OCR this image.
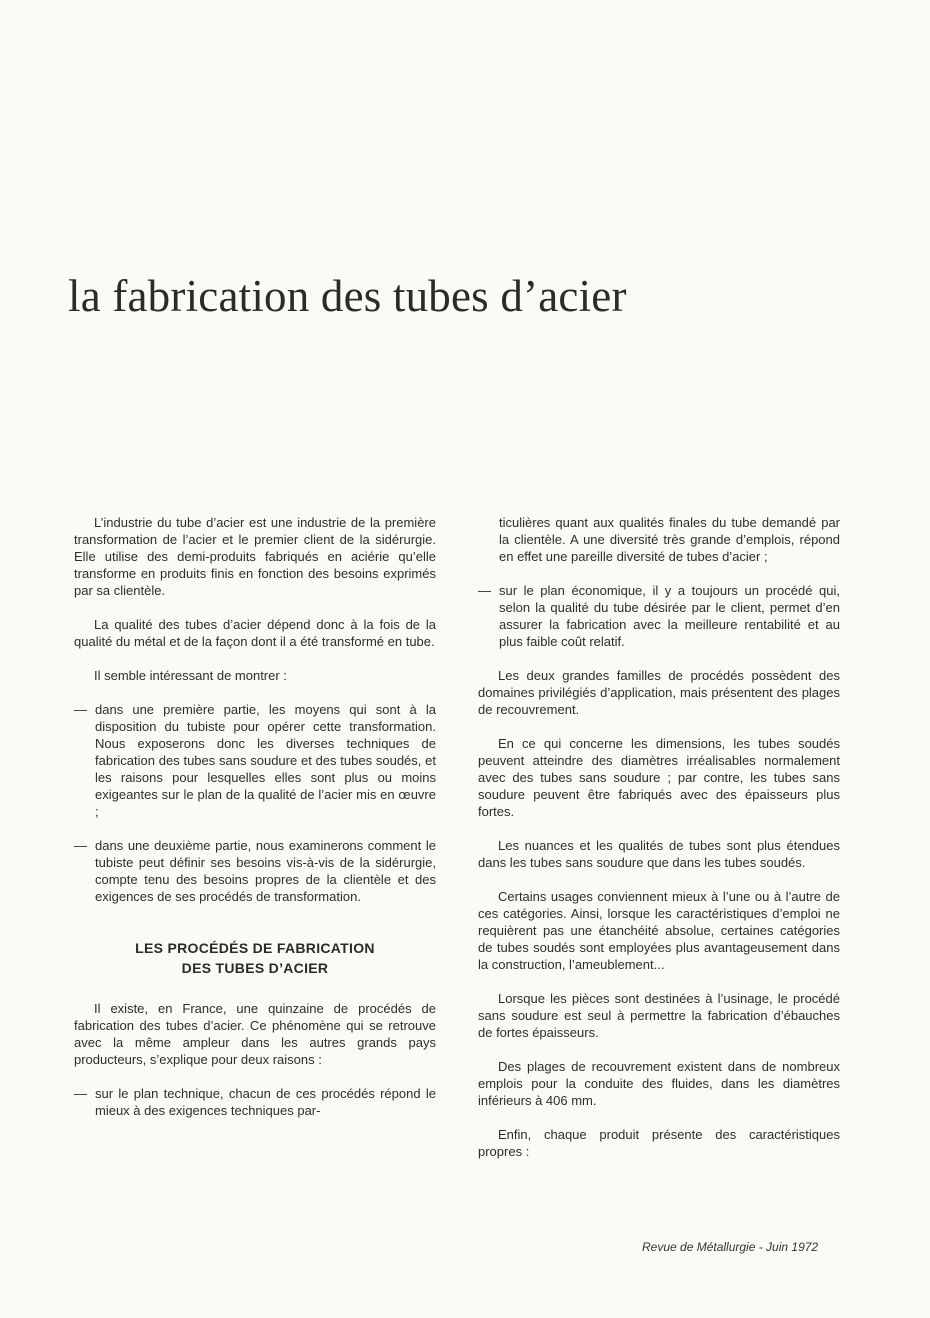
la fabrication des tubes d’acier

L’industrie du tube d’acier est une industrie de la première transformation de l’acier et le premier client de la sidérurgie. Elle utilise des demi-produits fabriqués en aciérie qu’elle transforme en produits finis en fonction des besoins exprimés par sa clientèle.

La qualité des tubes d’acier dépend donc à la fois de la qualité du métal et de la façon dont il a été transformé en tube.

Il semble intéressant de montrer :

— dans une première partie, les moyens qui sont à la disposition du tubiste pour opérer cette transformation. Nous exposerons donc les diverses techniques de fabrication des tubes sans soudure et des tubes soudés, et les raisons pour lesquelles elles sont plus ou moins exigeantes sur le plan de la qualité de l’acier mis en œuvre ;
— dans une deuxième partie, nous examinerons comment le tubiste peut définir ses besoins vis-à-vis de la sidérurgie, compte tenu des besoins propres de la clientèle et des exigences de ses procédés de transformation.
LES PROCÉDÉS DE FABRICATION
DES TUBES D’ACIER

Il existe, en France, une quinzaine de procédés de fabrication des tubes d’acier. Ce phénomène qui se retrouve avec la même ampleur dans les autres grands pays producteurs, s’explique pour deux raisons :

— sur le plan technique, chacun de ces procédés répond le mieux à des exigences techniques par-

ticulières quant aux qualités finales du tube demandé par la clientèle. A une diversité très grande d’emplois, répond en effet une pareille diversité de tubes d’acier ;

— sur le plan économique, il y a toujours un procédé qui, selon la qualité du tube désirée par le client, permet d’en assurer la fabrication avec la meilleure rentabilité et au plus faible coût relatif.

Les deux grandes familles de procédés possèdent des domaines privilégiés d’application, mais présentent des plages de recouvrement.

En ce qui concerne les dimensions, les tubes soudés peuvent atteindre des diamètres irréalisables normalement avec des tubes sans soudure ; par contre, les tubes sans soudure peuvent être fabriqués avec des épaisseurs plus fortes.

Les nuances et les qualités de tubes sont plus étendues dans les tubes sans soudure que dans les tubes soudés.

Certains usages conviennent mieux à l’une ou à l’autre de ces catégories. Ainsi, lorsque les caractéristiques d’emploi ne requièrent pas une étanchéité absolue, certaines catégories de tubes soudés sont employées plus avantageusement dans la construction, l’ameublement...

Lorsque les pièces sont destinées à l’usinage, le procédé sans soudure est seul à permettre la fabrication d’ébauches de fortes épaisseurs.

Des plages de recouvrement existent dans de nombreux emplois pour la conduite des fluides, dans les diamètres inférieurs à 406 mm.

Enfin, chaque produit présente des caractéristiques propres :

Revue de Métallurgie - Juin 1972
